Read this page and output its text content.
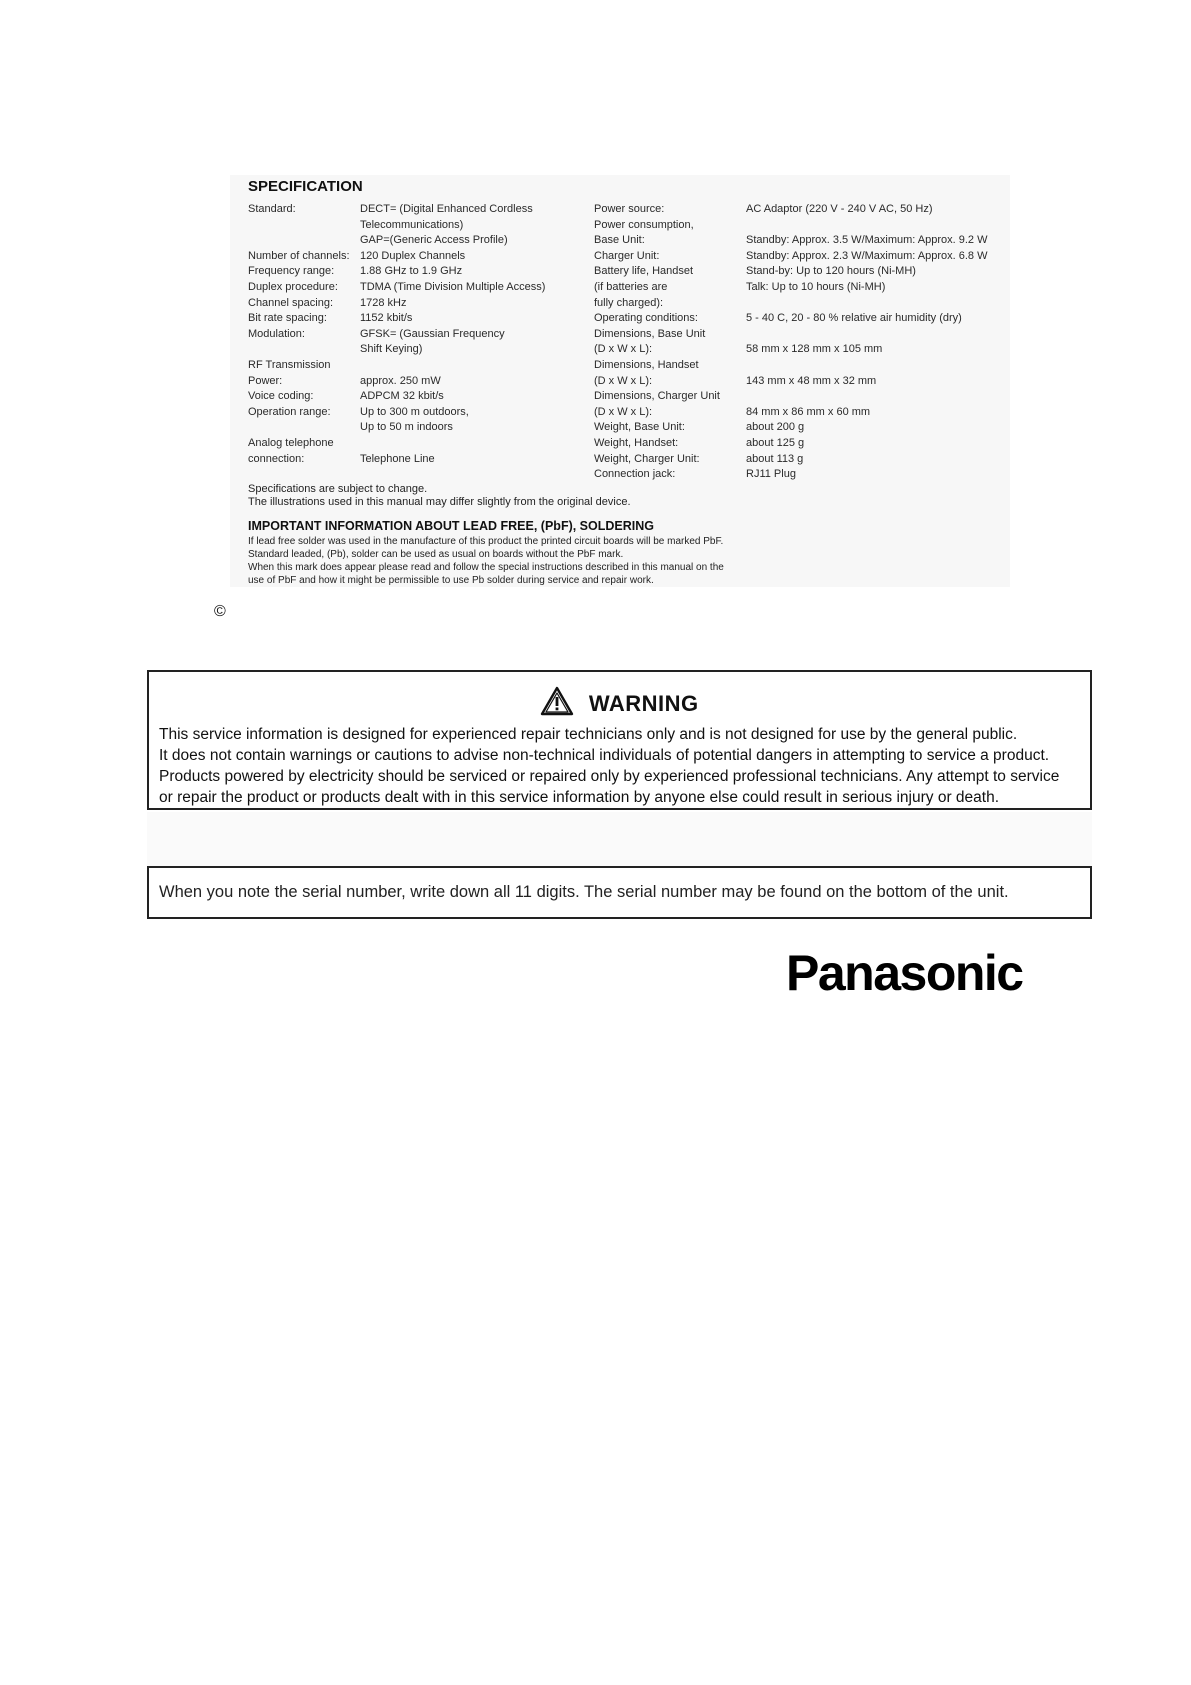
SPECIFICATION
Standard:	DECT= (Digital Enhanced Cordless
Telecommunications)
GAP=(Generic Access Profile)
Number of channels: 120 Duplex Channels
Frequency range: 1.88 GHz to 1.9 GHz
Duplex procedure: TDMA (Time Division Multiple Access)
Channel spacing: 1728 kHz
Bit rate spacing:	1152 kbit/s
Modulation:	GFSK= (Gaussian Frequency
Shift Keying)
RF Transmission
Power:	approx. 250 mW
Voice coding:	ADPCM 32 kbit/s
Operation range:	Up to 300 m outdoors,
Up to 50 m indoors
Analog telephone
connection:	Telephone Line
Power source:	AC Adaptor (220 V - 240 V AC, 50 Hz)
Power consumption,
Base Unit:	Standby: Approx. 3.5 W/Maximum: Approx. 9.2 W
Charger Unit:	Standby: Approx. 2.3 W/Maximum: Approx. 6.8 W
Battery life, Handset	Stand-by: Up to 120 hours (Ni-MH)
(if batteries are	Talk: Up to 10 hours (Ni-MH)
fully charged):
Operating conditions:	5 - 40 C, 20 - 80 % relative air humidity (dry)
Dimensions, Base Unit
(D x W x L):	58 mm x 128 mm x 105 mm
Dimensions, Handset
(D x W x L):	143 mm x 48 mm x 32 mm
Dimensions, Charger Unit
(D x W x L):	84 mm x 86 mm x 60 mm
Weight, Base Unit:	about 200 g
Weight, Handset:	about 125 g
Weight, Charger Unit:	about 113 g
Connection jack:	RJ11 Plug
Specifications are subject to change.
The illustrations used in this manual may differ slightly from the original device.
IMPORTANT INFORMATION ABOUT LEAD FREE, (PbF), SOLDERING
If lead free solder was used in the manufacture of this product the printed circuit boards will be marked PbF.
Standard leaded, (Pb), solder can be used as usual on boards without the PbF mark.
When this mark does appear please read and follow the special instructions described in this manual on the
use of PbF and how it might be permissible to use Pb solder during service and repair work.
©
WARNING
This service information is designed for experienced repair technicians only and is not designed for use by the general public.
It does not contain warnings or cautions to advise non-technical individuals of potential dangers in attempting to service a product.
Products powered by electricity should be serviced or repaired only by experienced professional technicians. Any attempt to service
or repair the product or products dealt with in this service information by anyone else could result in serious injury or death.
When you note the serial number, write down all 11 digits. The serial number may be found on the bottom of the unit.
Panasonic
